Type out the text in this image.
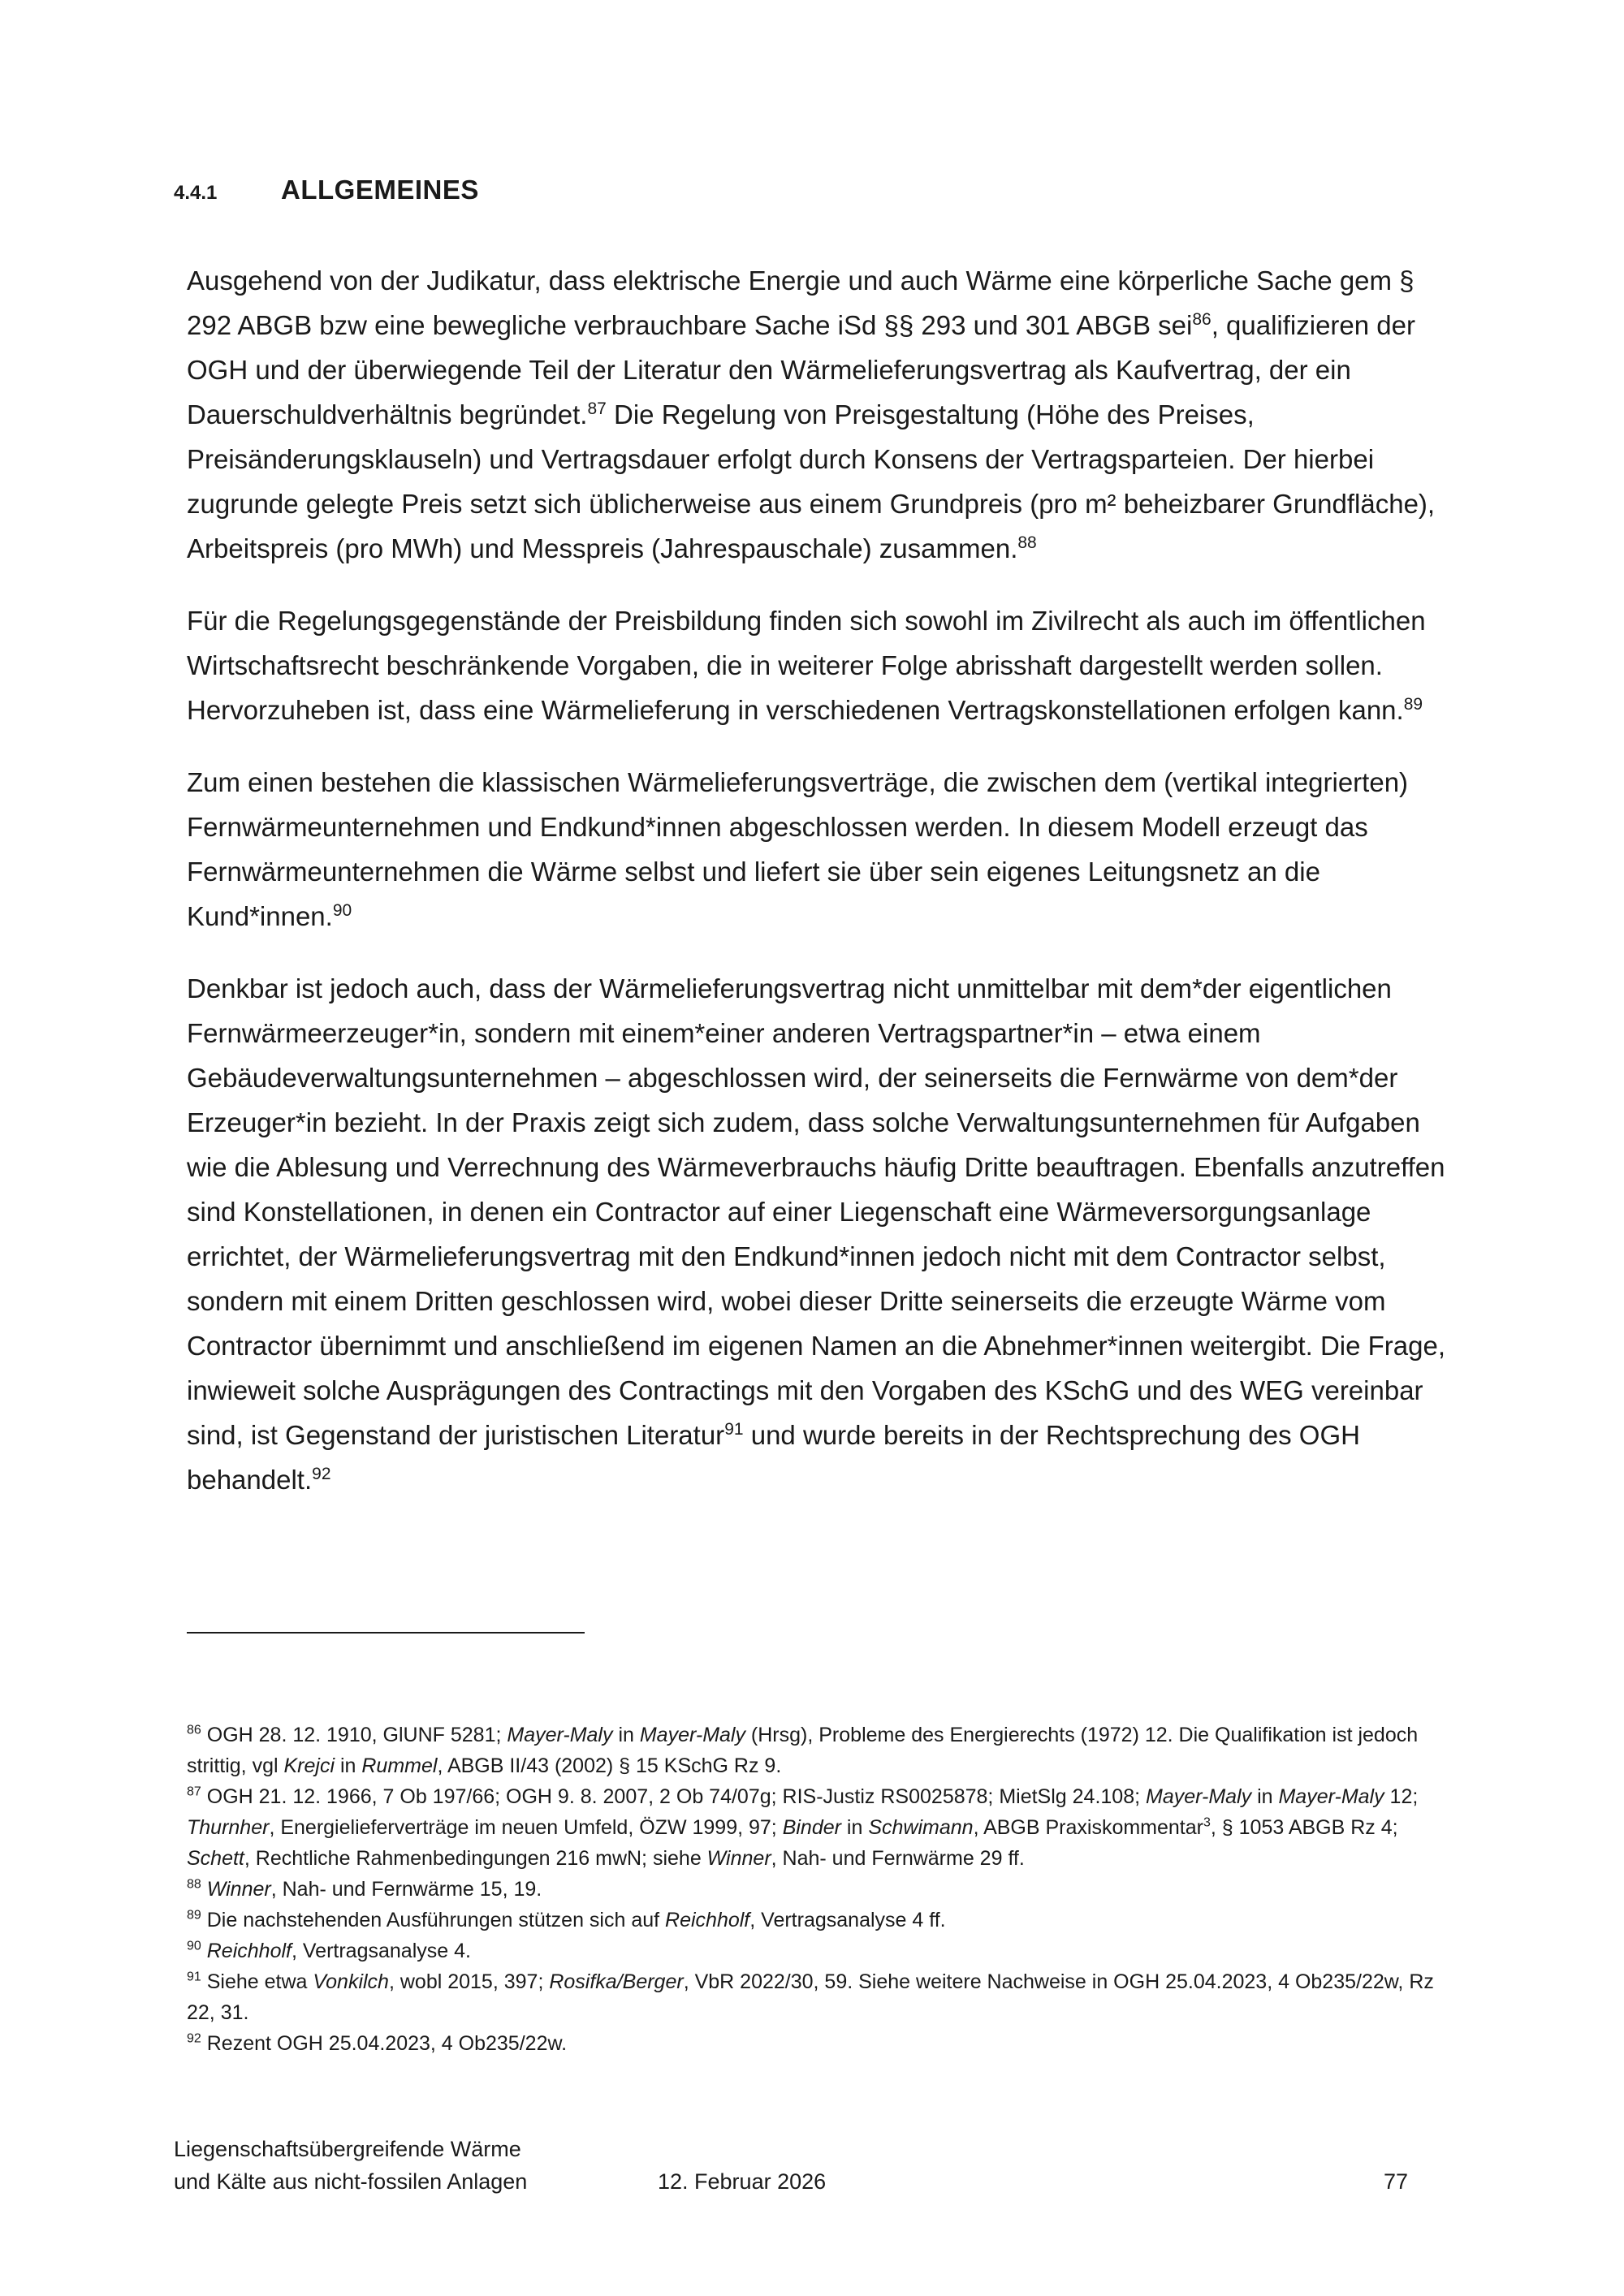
4.4.1	ALLGEMEINES

Ausgehend von der Judikatur, dass elektrische Energie und auch Wärme eine körperliche Sache gem § 292 ABGB bzw eine bewegliche verbrauchbare Sache iSd §§ 293 und 301 ABGB sei$^{86}$, qualifizieren der OGH und der überwiegende Teil der Literatur den Wärmelieferungsvertrag als Kaufvertrag, der ein Dauerschuldverhältnis begründet.$^{87}$ Die Regelung von Preisgestaltung (Höhe des Preises, Preisänderungsklauseln) und Vertragsdauer erfolgt durch Konsens der Vertragsparteien. Der hierbei zugrunde gelegte Preis setzt sich üblicherweise aus einem Grundpreis (pro m² beheizbarer Grundfläche), Arbeitspreis (pro MWh) und Messpreis (Jahrespauschale) zusammen.$^{88}$

Für die Regelungsgegenstände der Preisbildung finden sich sowohl im Zivilrecht als auch im öffentlichen Wirtschaftsrecht beschränkende Vorgaben, die in weiterer Folge abrisshaft dargestellt werden sollen. Hervorzuheben ist, dass eine Wärmelieferung in verschiedenen Vertragskonstellationen erfolgen kann.$^{89}$

Zum einen bestehen die klassischen Wärmelieferungsverträge, die zwischen dem (vertikal integrierten) Fernwärmeunternehmen und Endkund*innen abgeschlossen werden. In diesem Modell erzeugt das Fernwärmeunternehmen die Wärme selbst und liefert sie über sein eigenes Leitungsnetz an die Kund*innen.$^{90}$

Denkbar ist jedoch auch, dass der Wärmelieferungsvertrag nicht unmittelbar mit dem*der eigentlichen Fernwärmeerzeuger*in, sondern mit einem*einer anderen Vertragspartner*in – etwa einem Gebäudeverwaltungsunternehmen – abgeschlossen wird, der seinerseits die Fernwärme von dem*der Erzeuger*in bezieht. In der Praxis zeigt sich zudem, dass solche Verwaltungsunternehmen für Aufgaben wie die Ablesung und Verrechnung des Wärmeverbrauchs häufig Dritte beauftragen. Ebenfalls anzutreffen sind Konstellationen, in denen ein Contractor auf einer Liegenschaft eine Wärmeversorgungsanlage errichtet, der Wärmelieferungsvertrag mit den Endkund*innen jedoch nicht mit dem Contractor selbst, sondern mit einem Dritten geschlossen wird, wobei dieser Dritte seinerseits die erzeugte Wärme vom Contractor übernimmt und anschließend im eigenen Namen an die Abnehmer*innen weitergibt. Die Frage, inwieweit solche Ausprägungen des Contractings mit den Vorgaben des KSchG und des WEG vereinbar sind, ist Gegenstand der juristischen Literatur$^{91}$ und wurde bereits in der Rechtsprechung des OGH behandelt.$^{92}$

$^{86}$ OGH 28. 12. 1910, GlUNF 5281; Mayer-Maly in Mayer-Maly (Hrsg), Probleme des Energierechts (1972) 12. Die Qualifikation ist jedoch strittig, vgl Krejci in Rummel, ABGB II/43 (2002) § 15 KSchG Rz 9.

$^{87}$ OGH 21. 12. 1966, 7 Ob 197/66; OGH 9. 8. 2007, 2 Ob 74/07g; RIS-Justiz RS0025878; MietSlg 24.108; Mayer-Maly in Mayer-Maly 12; Thurnher, Energielieferverträge im neuen Umfeld, ÖZW 1999, 97; Binder in Schwimann, ABGB Praxiskommentar$^3$, § 1053 ABGB Rz 4; Schett, Rechtliche Rahmenbedingungen 216 mwN; siehe Winner, Nah- und Fernwärme 29 ff.

$^{88}$ Winner, Nah- und Fernwärme 15, 19.

$^{89}$ Die nachstehenden Ausführungen stützen sich auf Reichholf, Vertragsanalyse 4 ff.

$^{90}$ Reichholf, Vertragsanalyse 4.

$^{91}$ Siehe etwa Vonkilch, wobl 2015, 397; Rosifka/Berger, VbR 2022/30, 59. Siehe weitere Nachweise in OGH 25.04.2023, 4 Ob235/22w, Rz 22, 31.

$^{92}$ Rezent OGH 25.04.2023, 4 Ob235/22w.

Liegenschaftsübergreifende Wärme
und Kälte aus nicht-fossilen Anlagen	12. Februar 2026	77
